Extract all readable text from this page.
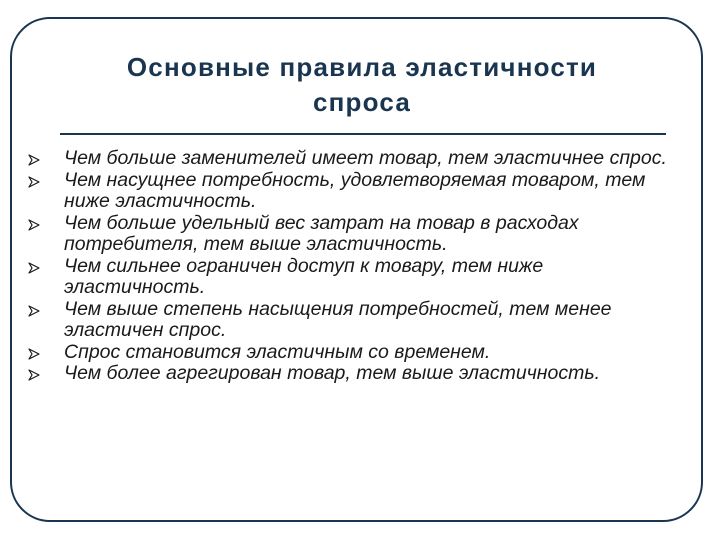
Основные правила эластичности
спроса
Чем больше заменителей имеет товар, тем эластичнее спрос.
Чем насущнее потребность, удовлетворяемая товаром, тем ниже эластичность.
Чем больше удельный вес затрат на товар в расходах потребителя, тем выше эластичность.
Чем сильнее ограничен доступ к товару, тем ниже эластичность.
Чем выше степень насыщения потребностей, тем менее эластичен спрос.
Спрос становится эластичным со временем.
Чем более агрегирован товар, тем выше эластичность.
